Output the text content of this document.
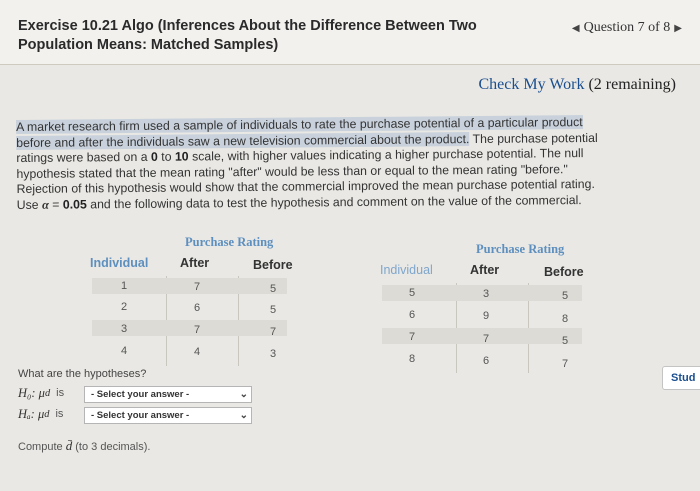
Exercise 10.21 Algo (Inferences About the Difference Between Two Population Means: Matched Samples)
◀ Question 7 of 8 ▶
Check My Work (2 remaining)
A market research firm used a sample of individuals to rate the purchase potential of a particular product
before and after the individuals saw a new television commercial about the product. The purchase potential
ratings were based on a 0 to 10 scale, with higher values indicating a higher purchase potential. The null
hypothesis stated that the mean rating "after" would be less than or equal to the mean rating "before."
Rejection of this hypothesis would show that the commercial improved the mean purchase potential rating.
Use α = 0.05 and the following data to test the hypothesis and comment on the value of the commercial.
Purchase Rating
Individual	After	Before
1	7	5
2	6	5
3	7	7
4	4	3
Purchase Rating
Individual	After	Before
5	3	5
6	9	8
7	7	5
8	6	7
What are the hypotheses?
H₀: μ d is	- Select your answer -	⌄
Hₐ: μ d is	- Select your answer -	⌄
Compute d̄ (to 3 decimals).
Stud
